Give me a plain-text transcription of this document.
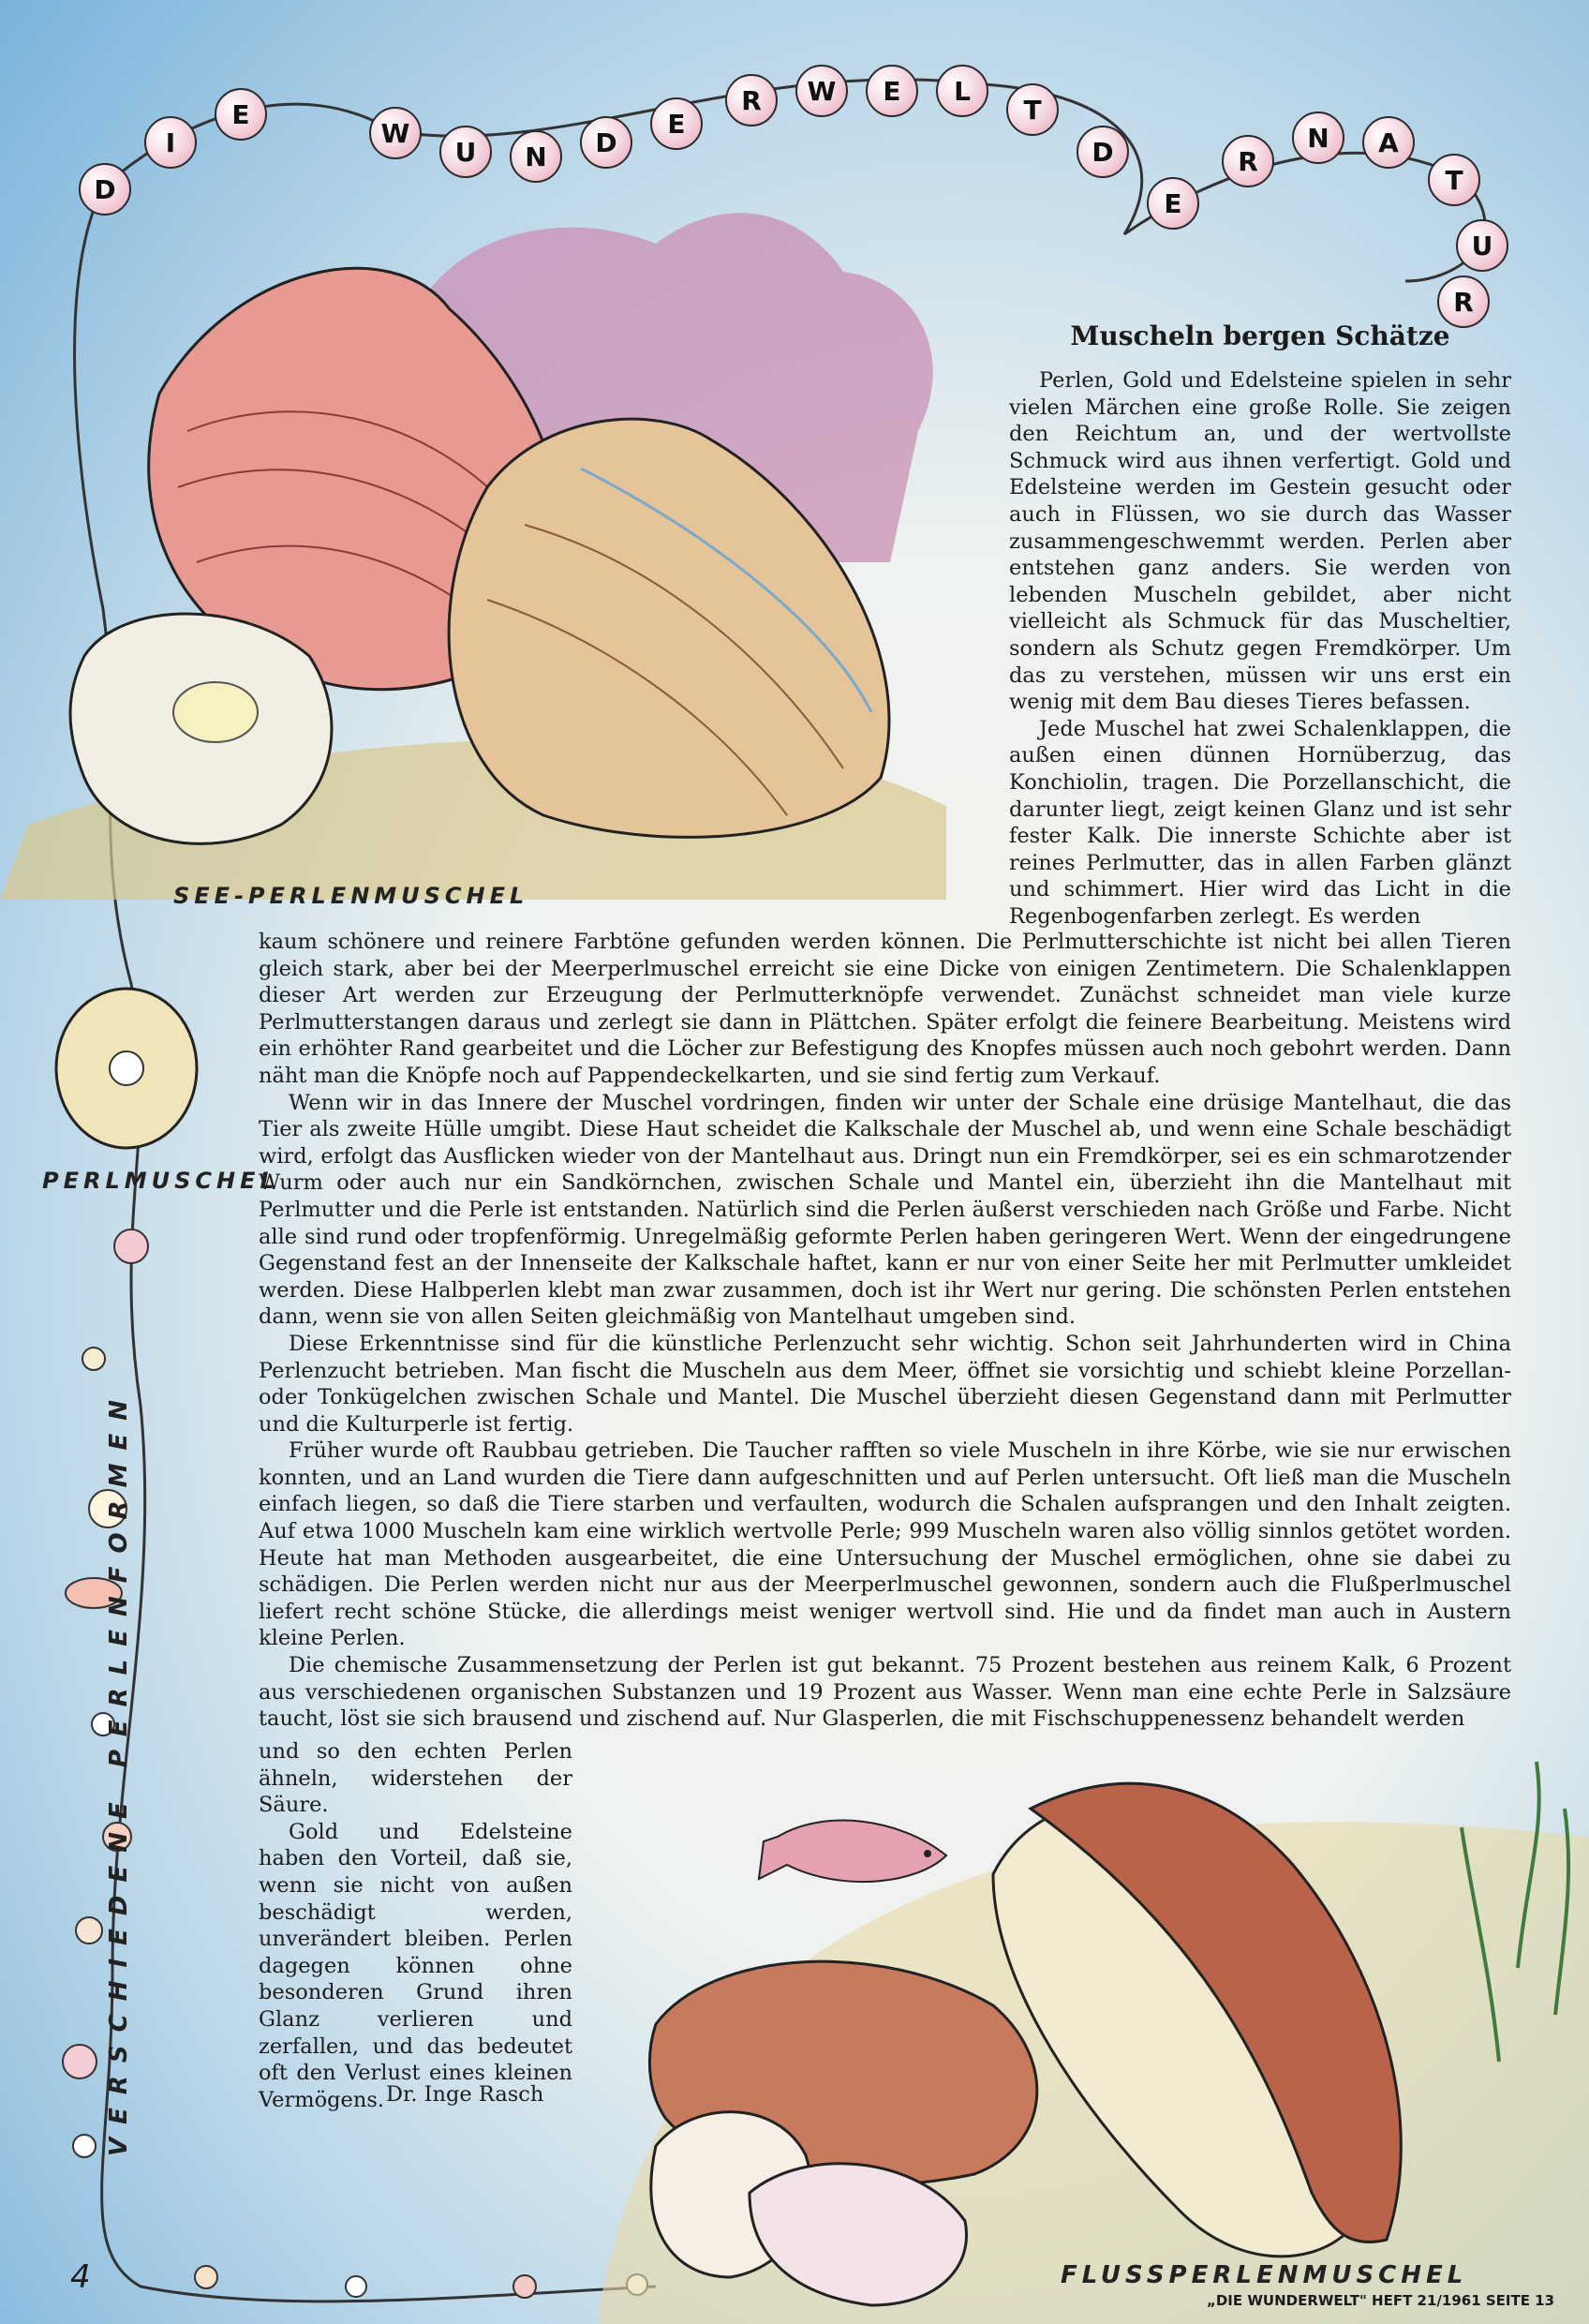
D
I
E
W
U	N	D
E
R	W	E	L
T
D
E
R
N	A
T
U
R
Muscheln bergen Schätze

Perlen, Gold und Edelsteine spielen in sehr vielen Märchen eine große Rolle. Sie zeigen den Reichtum an, und der wertvollste Schmuck wird aus ihnen verfertigt. Gold und Edelsteine werden im Gestein gesucht oder auch in Flüssen, wo sie durch das Wasser zusammengeschwemmt werden. Perlen aber entstehen ganz anders. Sie werden von lebenden Muscheln gebildet, aber nicht vielleicht als Schmuck für das Muscheltier, sondern als Schutz gegen Fremdkörper. Um das zu verstehen, müssen wir uns erst ein wenig mit dem Bau dieses Tieres befassen.

Jede Muschel hat zwei Schalenklappen, die außen einen dünnen Hornüberzug, das Konchiolin, tragen. Die Porzellanschicht, die darunter liegt, zeigt keinen Glanz und ist sehr fester Kalk. Die innerste Schichte aber ist reines Perlmutter, das in allen Farben glänzt und schimmert. Hier wird das Licht in die Regenbogenfarben zerlegt. Es werden

kaum schönere und reinere Farbtöne gefunden werden können. Die Perlmutterschichte ist nicht bei allen Tieren gleich stark, aber bei der Meerperlmuschel erreicht sie eine Dicke von einigen Zentimetern. Die Schalenklappen dieser Art werden zur Erzeugung der Perlmutterknöpfe verwendet. Zunächst schneidet man viele kurze Perlmutterstangen daraus und zerlegt sie dann in Plättchen. Später erfolgt die feinere Bearbeitung. Meistens wird ein erhöhter Rand gearbeitet und die Löcher zur Befestigung des Knopfes müssen auch noch gebohrt werden. Dann näht man die Knöpfe noch auf Pappendeckelkarten, und sie sind fertig zum Verkauf.

Wenn wir in das Innere der Muschel vordringen, finden wir unter der Schale eine drüsige Mantelhaut, die das Tier als zweite Hülle umgibt. Diese Haut scheidet die Kalkschale der Muschel ab, und wenn eine Schale beschädigt wird, erfolgt das Ausflicken wieder von der Mantelhaut aus. Dringt nun ein Fremdkörper, sei es ein schmarotzender Wurm oder auch nur ein Sandkörnchen, zwischen Schale und Mantel ein, überzieht ihn die Mantelhaut mit Perlmutter und die Perle ist entstanden. Natürlich sind die Perlen äußerst verschieden nach Größe und Farbe. Nicht alle sind rund oder tropfenförmig. Unregelmäßig geformte Perlen haben geringeren Wert. Wenn der eingedrungene Gegenstand fest an der Innenseite der Kalkschale haftet, kann er nur von einer Seite her mit Perlmutter umkleidet werden. Diese Halbperlen klebt man zwar zusammen, doch ist ihr Wert nur gering. Die schönsten Perlen entstehen dann, wenn sie von allen Seiten gleichmäßig von Mantelhaut umgeben sind.

Diese Erkenntnisse sind für die künstliche Perlenzucht sehr wichtig. Schon seit Jahrhunderten wird in China Perlenzucht betrieben. Man fischt die Muscheln aus dem Meer, öffnet sie vorsichtig und schiebt kleine Porzellan- oder Tonkügelchen zwischen Schale und Mantel. Die Muschel überzieht diesen Gegenstand dann mit Perlmutter und die Kulturperle ist fertig.

Früher wurde oft Raubbau getrieben. Die Taucher rafften so viele Muscheln in ihre Körbe, wie sie nur erwischen konnten, und an Land wurden die Tiere dann aufgeschnitten und auf Perlen untersucht. Oft ließ man die Muscheln einfach liegen, so daß die Tiere starben und verfaulten, wodurch die Schalen aufsprangen und den Inhalt zeigten. Auf etwa 1000 Muscheln kam eine wirklich wertvolle Perle; 999 Muscheln waren also völlig sinnlos getötet worden. Heute hat man Methoden ausgearbeitet, die eine Untersuchung der Muschel ermöglichen, ohne sie dabei zu schädigen. Die Perlen werden nicht nur aus der Meerperlmuschel gewonnen, sondern auch die Flußperlmuschel liefert recht schöne Stücke, die allerdings meist weniger wertvoll sind. Hie und da findet man auch in Austern kleine Perlen.

Die chemische Zusammensetzung der Perlen ist gut bekannt. 75 Prozent bestehen aus reinem Kalk, 6 Prozent aus verschiedenen organischen Substanzen und 19 Prozent aus Wasser. Wenn man eine echte Perle in Salzsäure taucht, löst sie sich brausend und zischend auf. Nur Glasperlen, die mit Fischschuppenessenz behandelt werden

und so den echten Perlen ähneln, widerstehen der Säure.

Gold und Edelsteine haben den Vorteil, daß sie, wenn sie nicht von außen beschädigt werden, unverändert bleiben. Perlen dagegen können ohne besonderen Grund ihren Glanz verlieren und zerfallen, und das bedeutet oft den Verlust eines kleinen Vermögens. Dr. Inge Rasch
SEE-PERLENMUSCHEL
PERLMUSCHEL
VERSCHIEDENE PERLENFORMEN
FLUSSPERLENMUSCHEL
4
„DIE WUNDERWELT" HEFT 21/1961 SEITE 13
